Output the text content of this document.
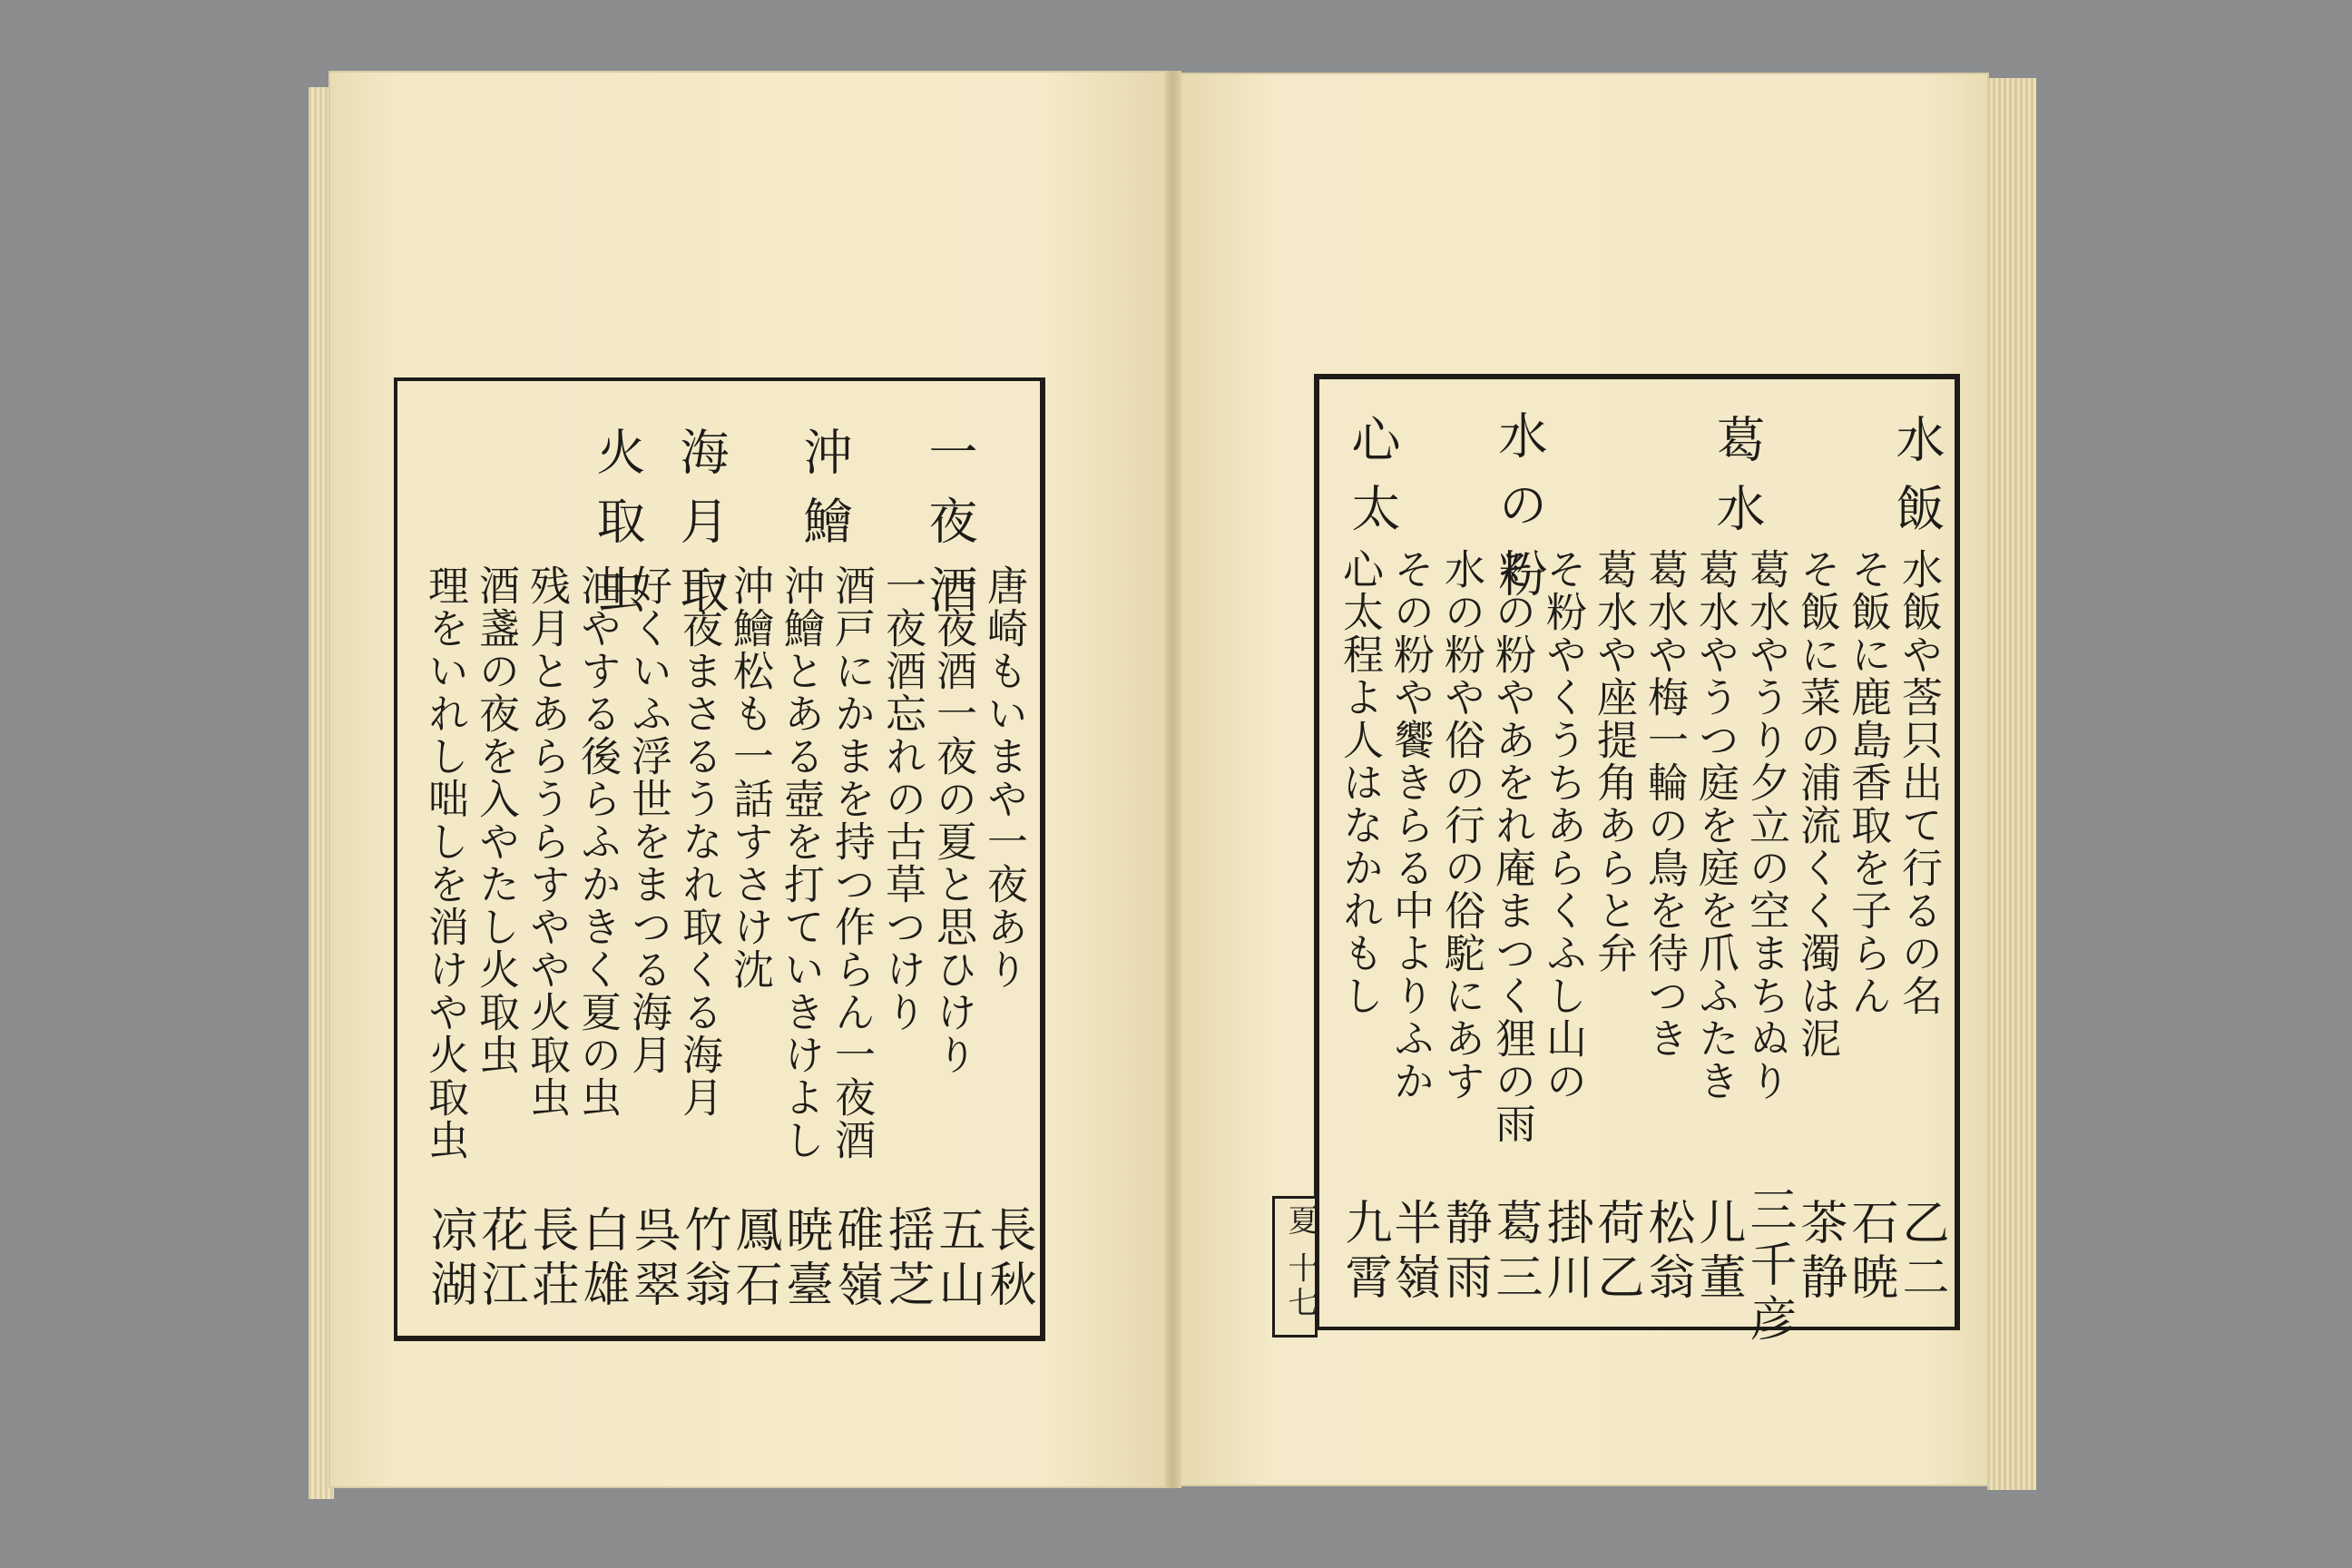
夏 十七
水飯
葛水
水の粉
心太
水飯や莟只出て行るの名
そ飯に鹿島香取を子らん
そ飯に菜の浦流くく濁は泥
葛水やうり夕立の空まちぬり
葛水やうつ庭を庭を爪ふたき
葛水や梅一輪の鳥を待つき
葛水や座提角あらと弁
そ粉やくうちあらくふし山の
その粉やあをれ庵まつく狸の雨
水の粉や俗の行の俗駝にあす
その粉や饗きらる中よりふか
心太程よ人はなかれもし
乙二
石暁
茶静
三千彦
儿董
松翁
荷乙
掛川
葛三
静雨
半嶺
九霄
一夜酒
沖鱠
海月取
火取虫
唐崎もいまや一夜あり
一夜酒一夜の夏と思ひけり
一夜酒忘れの古草つけり
酒戸にかまを持つ作らん一夜酒
沖鱠とある壺を打ていきけよし
沖鱠松も一話すさけ沈
一夜まさるうなれ取くる海月
好くいふ浮世をまつる海月
油やする後らふかきく夏の虫
残月とあらうらすやや火取虫
酒盞の夜を入やたし火取虫
理をいれし咄しを消けや火取虫
長秋
五山
揺芝
碓嶺
暁臺
鳳石
竹翁
呉翠
白雄
長荘
花江
凉湖
